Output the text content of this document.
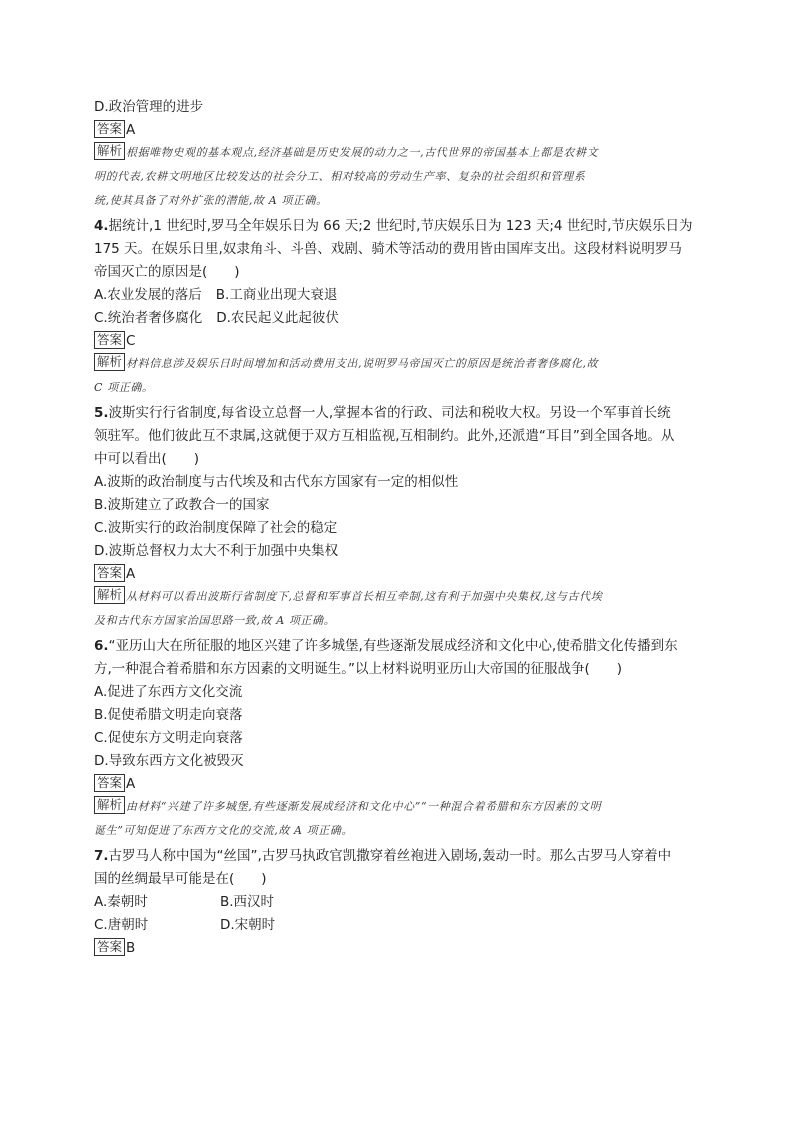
D.政治管理的进步
答案 A
解析 根据唯物史观的基本观点,经济基础是历史发展的动力之一,古代世界的帝国基本上都是农耕文
明的代表,农耕文明地区比较发达的社会分工、相对较高的劳动生产率、复杂的社会组织和管理系
统,使其具备了对外扩张的潜能,故 A 项正确。
4.据统计,1 世纪时,罗马全年娱乐日为 66 天;2 世纪时,节庆娱乐日为 123 天;4 世纪时,节庆娱乐日为
175 天。在娱乐日里,奴隶角斗、斗兽、戏剧、骑术等活动的费用皆由国库支出。这段材料说明罗马
帝国灭亡的原因是(　　)
A.农业发展的落后 B.工商业出现大衰退
C.统治者奢侈腐化 D.农民起义此起彼伏
答案 C
解析 材料信息涉及娱乐日时间增加和活动费用支出,说明罗马帝国灭亡的原因是统治者奢侈腐化,故
C 项正确。
5.波斯实行行省制度,每省设立总督一人,掌握本省的行政、司法和税收大权。另设一个军事首长统
领驻军。他们彼此互不隶属,这就便于双方互相监视,互相制约。此外,还派遣“耳目”到全国各地。从
中可以看出(　　)
A.波斯的政治制度与古代埃及和古代东方国家有一定的相似性
B.波斯建立了政教合一的国家
C.波斯实行的政治制度保障了社会的稳定
D.波斯总督权力太大不利于加强中央集权
答案 A
解析 从材料可以看出波斯行省制度下,总督和军事首长相互牵制,这有利于加强中央集权,这与古代埃
及和古代东方国家治国思路一致,故 A 项正确。
6.“亚历山大在所征服的地区兴建了许多城堡,有些逐渐发展成经济和文化中心,使希腊文化传播到东
方,一种混合着希腊和东方因素的文明诞生。”以上材料说明亚历山大帝国的征服战争(　　)
A.促进了东西方文化交流
B.促使希腊文明走向衰落
C.促使东方文明走向衰落
D.导致东西方文化被毁灭
答案 A
解析 由材料“兴建了许多城堡,有些逐渐发展成经济和文化中心”“一种混合着希腊和东方因素的文明
诞生”可知促进了东西方文化的交流,故 A 项正确。
7.古罗马人称中国为“丝国”,古罗马执政官凯撒穿着丝袍进入剧场,轰动一时。那么古罗马人穿着中
国的丝绸最早可能是在(　　)
A.秦朝时	B.西汉时
C.唐朝时	D.宋朝时
答案 B
